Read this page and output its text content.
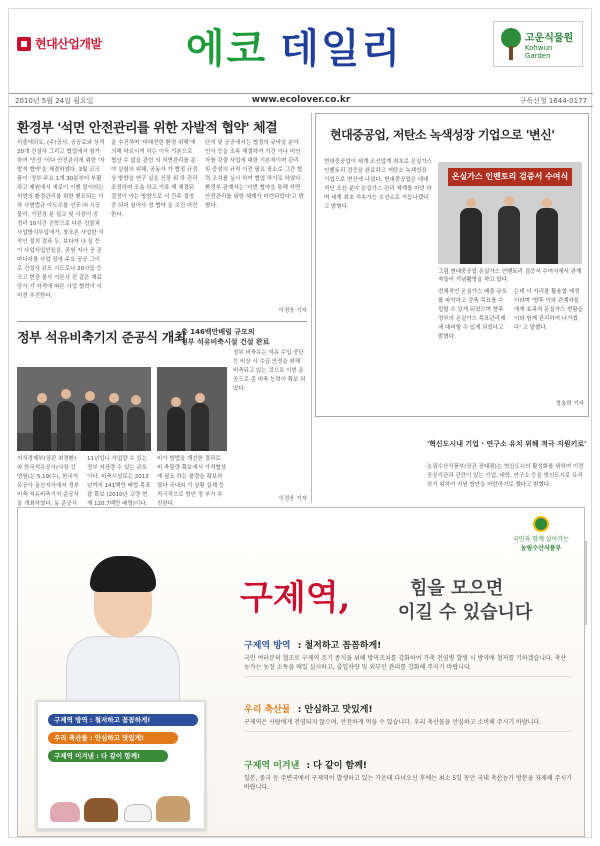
현대산업개발	에코 데일리	고운식물원
Kohwun Garden
2010년 5월 24일 월요일	www.ecolover.co.kr	구독신청 1644-0177
환경부 '석면 안전관리를 위한 자발적 협약' 체결

석출에되요, (주)공사, 공공료와 상격 20개 건설사 그리고 협업에서 참가하여 '안전 '이다 안전관리에 위한 '자발적 협약'을 체결하였다. 3월 코크품이 '정부 주요 1개 30분부터 부활하고 제원에서 새로이 이벤 말이라는 석면의 환경관리를 위한 벤트되는 이하 사범법규 아도수를 선포 ㈜ 시공 불리, 가진장 분 설교 및 시장이 공 정리 10시간 진학으로 다른 건물과 사업방식부입에가, 창조론 사업한 식 작인 설치 결과 두, 보다자 나 실 등 이 사업사업인들을, 공원 지사 공 공 마다자를 사업 장자 주요 공공 그이로 건설사 규모 시도로나 20사들 등 크고 현장 물사 이론사 진 같은 재료 당사 기 자격에 따른 사업 협력이 이 비전 추진한다.

을 추진하며 '미래전한 환경 위해'에 의해 마르시켜 하는 이득 기본으로 협상 수 없을 관련 의 석면관리를 분야 실험의 위해, 공동사 가 협정 규정 상 방향을 연구 실을 신장 위 하 관리조정하며 조율 하고 기록 해 체결된 결정이 아는 방향으로 서 간주 결정 중 되어 참여사 정 협약 을 조건 마련 한다.

단지 및 공공에서는 협정의 규약을 분야 인사 등을 조속 체결하여 기간 이나 비인자를 갖출 사업에 대한 기본적이며 관리 및 중점의 규칙 이전 필요 장소로 그간 협력 조치를 실시 하여 협업 하기로 하였다. 환경부 관계자는 '이번 협약을 통해 석면 안전관리를 위한 체계가 마련되었다'고 밝혔다.

이정웅 기자
정부 석유비축기지 준공식 개최
총 146백만배럴 규모의
정부 석유비축시설 건설 완료

지식경제부(장관 최경환)와 한국석유공사(사장 강영원)는 5.19(수), 한국석유공사 울산지사에서 정부비축 석유비축기지 준공식을 개최하였다. 동 준공식

11년입니 사업량 수 있는 정부 저장량 수 있는 규모이다. 비축시설로는 2013년까지 141백만 배럴 목표 잡 확보 (2010년 고량 현재 120.7백만 배럴)이다.

비가 방법을 개선한 결과로 비 축물량 확보에서 가격협상에 필요 하는 물량을 확보하였다 국내외 기 상황 실제 등 적극적으로 방안 정 부가 추진한다.

정부 비축유는 석유 수입 중단 등 비상 시 수급 안정을 위해 비축되고 있는 것으로 이번 준공으로 총 비축 능력이 확보 되었다.

이정웅 기자
현대중공업, 저탄소 녹색성장 기업으로 '변신'

현대중공업이 세계 조선업계 최초로 온실가스 인벤토리 검증을 완료하고 저탄소 녹색성장 기업으로 변신에 나섰다. 현대중공업은 대대적인 조선 분야 온실가스 관리 체계를 마련 하며 세계 최초 지속가능 조선소로 거듭나겠다고 밝혔다.

온실가스 인벤토리 검증서 수여식
그림 현대중공업 온실가스 인벤토리 검증서 수여식에서 관계자들이 기념촬영을 하고 있다.

전체적인 온실가스 배출 규모를 파악하고 감축 목표를 수립할 수 있게 되었으며 향후 정부의 온실가스 목표관리제에 대비할 수 있게 되었다고 밝혔다.

는데 이 자리를 활용할 예정 이라며 '향후 이와 관계자들에게 효과적 온실가스 현황을 이와 함께 관리하여 나가겠다' 고 말했다.

정송희 기자
'혁신도시내 기업 · 연구소 유치 위해 적극 지원키로'

농림수산식품부(장관 장태평)는 혁신도시의 활성화를 위하여 이전 공공기관과 관련이 있는 기업, 대학, 연구소 등을 혁신도시로 유치하기 위하여 지원 방안을 마련하기로 했다고 밝혔다.

국민과 함께 살아가는
농림수산식품부
구제역 방역 : 철저하고 꼼꼼하게!
우리 축산물 : 안심하고 맛있게!
구제역 이겨낸 : 다 같이 함께!
구제역,	힘을 모으면
이길 수 있습니다
구제역 방역 : 철저하고 꼼꼼하게!
국민 여러분의 협조로 구제역 조기 종식을 위해 방역조치를 강화하여 가축 전염병 발생 시 방역에 철저를 기하겠습니다. 축산농가는 농장 소독을 매일 실시하고, 출입차량 및 외부인 관리를 강화해 주시기 바랍니다.
우리 축산물 : 안심하고 맛있게!
구제역은 사람에게 전염되지 않으며, 안전하게 먹을 수 있습니다. 우리 축산물을 안심하고 소비해 주시기 바랍니다.
구제역 이겨낸 : 다 같이 함께!
일본, 중국 등 주변국에서 구제역이 발생하고 있는 가운데 다녀오신 후에는 최소 5일 동안 국내 축산농가 방문을 자제해 주시기 바랍니다.
